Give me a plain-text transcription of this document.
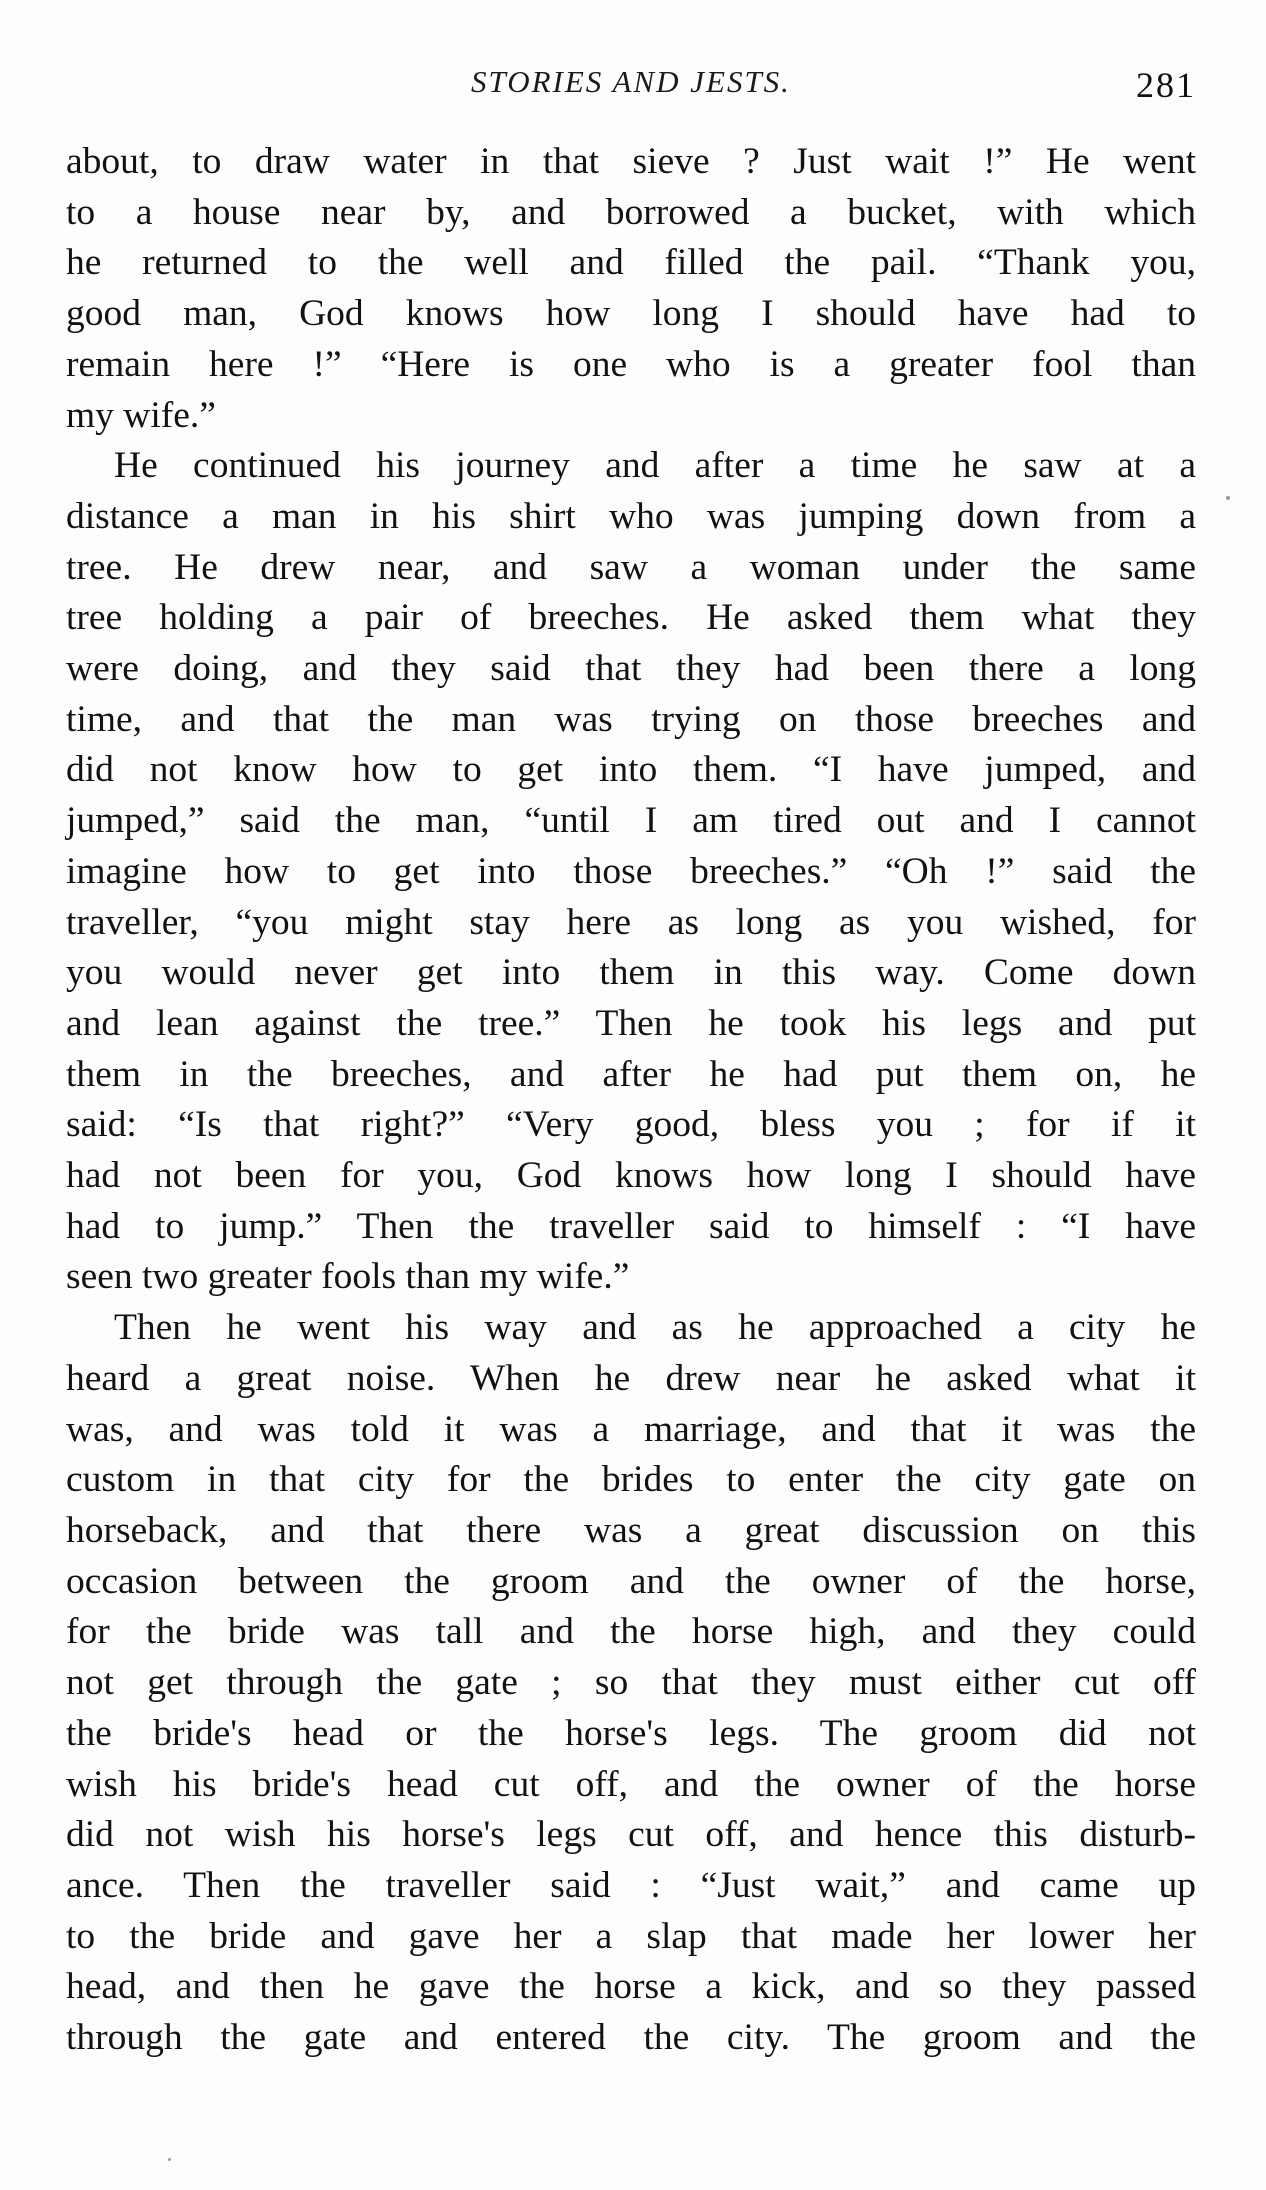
STORIES AND JESTS.	281

about, to draw water in that sieve ? Just wait !” He went
to a house near by, and borrowed a bucket, with which
he returned to the well and filled the pail. “Thank you,
good man, God knows how long I should have had to
remain here !” “Here is one who is a greater fool than
my wife.”

He continued his journey and after a time he saw at a
distance a man in his shirt who was jumping down from a
tree. He drew near, and saw a woman under the same
tree holding a pair of breeches. He asked them what they
were doing, and they said that they had been there a long
time, and that the man was trying on those breeches and
did not know how to get into them. “I have jumped, and
jumped,” said the man, “until I am tired out and I cannot
imagine how to get into those breeches.” “Oh !” said the
traveller, “you might stay here as long as you wished, for
you would never get into them in this way. Come down
and lean against the tree.” Then he took his legs and put
them in the breeches, and after he had put them on, he
said: “Is that right?” “Very good, bless you ; for if it
had not been for you, God knows how long I should have
had to jump.” Then the traveller said to himself : “I have
seen two greater fools than my wife.”

Then he went his way and as he approached a city he
heard a great noise. When he drew near he asked what it
was, and was told it was a marriage, and that it was the
custom in that city for the brides to enter the city gate on
horseback, and that there was a great discussion on this
occasion between the groom and the owner of the horse,
for the bride was tall and the horse high, and they could
not get through the gate ; so that they must either cut off
the bride's head or the horse's legs. The groom did not
wish his bride's head cut off, and the owner of the horse
did not wish his horse's legs cut off, and hence this disturb-
ance. Then the traveller said : “Just wait,” and came up
to the bride and gave her a slap that made her lower her
head, and then he gave the horse a kick, and so they passed
through the gate and entered the city. The groom and the
